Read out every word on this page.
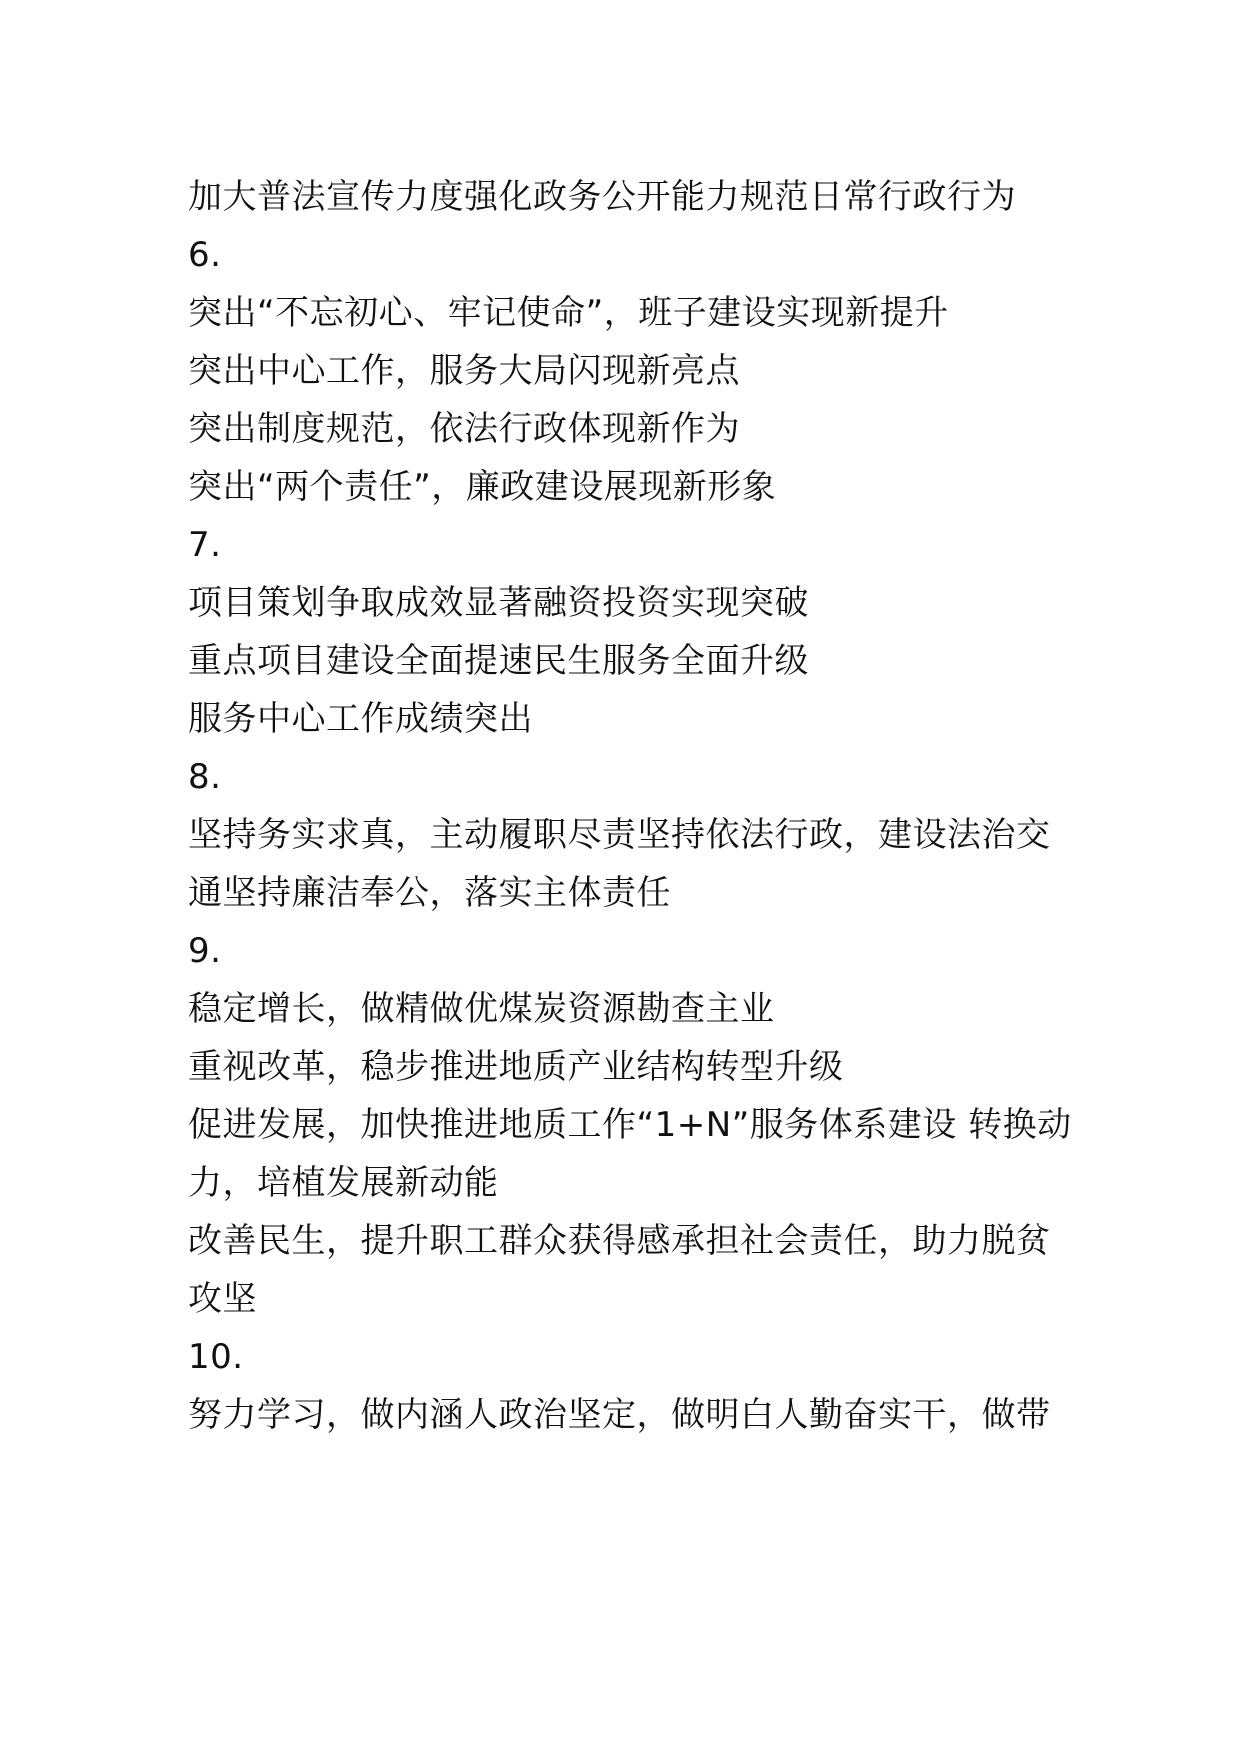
加大普法宣传力度强化政务公开能力规范日常行政行为
6.
突出“不忘初心、牢记使命”，班子建设实现新提升
突出中心工作，服务大局闪现新亮点
突出制度规范，依法行政体现新作为
突出“两个责任”，廉政建设展现新形象
7.
项目策划争取成效显著融资投资实现突破
重点项目建设全面提速民生服务全面升级
服务中心工作成绩突出
8.
坚持务实求真，主动履职尽责坚持依法行政，建设法治交
通坚持廉洁奉公，落实主体责任
9.
稳定增长，做精做优煤炭资源勘查主业
重视改革，稳步推进地质产业结构转型升级
促进发展，加快推进地质工作“1+N”服务体系建设 转换动
力，培植发展新动能
改善民生，提升职工群众获得感承担社会责任，助力脱贫
攻坚
10.
努力学习，做内涵人政治坚定，做明白人勤奋实干，做带
